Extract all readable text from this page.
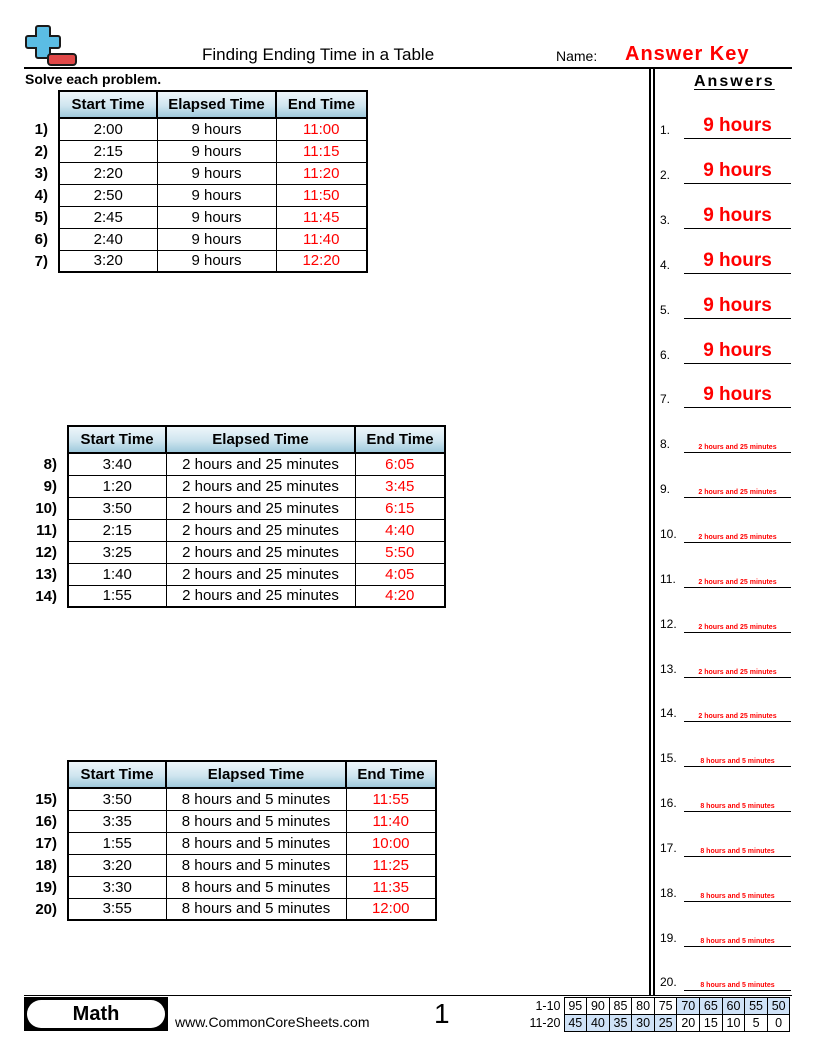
Finding Ending Time in a Table	Name: Answer Key
Solve each problem.
	Start Time	Elapsed Time	End Time
1)	2:00	9 hours	11:00
2)	2:15	9 hours	11:15
3)	2:20	9 hours	11:20
4)	2:50	9 hours	11:50
5)	2:45	9 hours	11:45
6)	2:40	9 hours	11:40
7)	3:20	9 hours	12:20
	Start Time	Elapsed Time	End Time
8)	3:40	2 hours and 25 minutes	6:05
9)	1:20	2 hours and 25 minutes	3:45
10)	3:50	2 hours and 25 minutes	6:15
11)	2:15	2 hours and 25 minutes	4:40
12)	3:25	2 hours and 25 minutes	5:50
13)	1:40	2 hours and 25 minutes	4:05
14)	1:55	2 hours and 25 minutes	4:20
	Start Time	Elapsed Time	End Time
15)	3:50	8 hours and 5 minutes	11:55
16)	3:35	8 hours and 5 minutes	11:40
17)	1:55	8 hours and 5 minutes	10:00
18)	3:20	8 hours and 5 minutes	11:25
19)	3:30	8 hours and 5 minutes	11:35
20)	3:55	8 hours and 5 minutes	12:00
Answers
1.	9 hours
2.	9 hours
3.	9 hours
4.	9 hours
5.	9 hours
6.	9 hours
7.	9 hours
8.	2 hours and 25 minutes
9.	2 hours and 25 minutes
10.	2 hours and 25 minutes
11.	2 hours and 25 minutes
12.	2 hours and 25 minutes
13.	2 hours and 25 minutes
14.	2 hours and 25 minutes
15.	8 hours and 5 minutes
16.	8 hours and 5 minutes
17.	8 hours and 5 minutes
18.	8 hours and 5 minutes
19.	8 hours and 5 minutes
20.	8 hours and 5 minutes
Math	www.CommonCoreSheets.com 1	1-10	95	90	85	80	75	70	65	60	55	50
11-20	45	40	35	30	25	20	15	10	5	0
